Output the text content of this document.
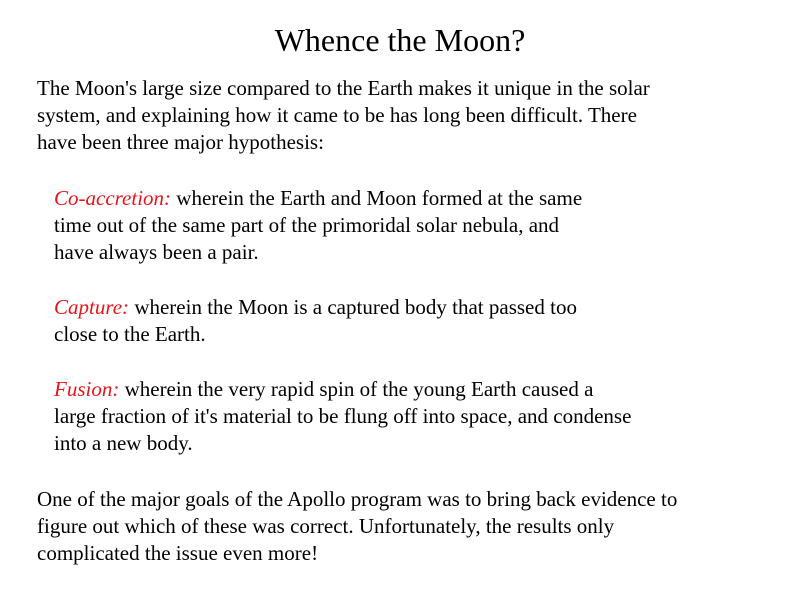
Whence the Moon?

The Moon's large size compared to the Earth makes it unique in the solar
system, and explaining how it came to be has long been difficult. There
have been three major hypothesis:

Co-accretion: wherein the Earth and Moon formed at the same
time out of the same part of the primoridal solar nebula, and
have always been a pair.

Capture: wherein the Moon is a captured body that passed too
close to the Earth.

Fusion: wherein the very rapid spin of the young Earth caused a
large fraction of it's material to be flung off into space, and condense
into a new body.

One of the major goals of the Apollo program was to bring back evidence to
figure out which of these was correct. Unfortunately, the results only
complicated the issue even more!
